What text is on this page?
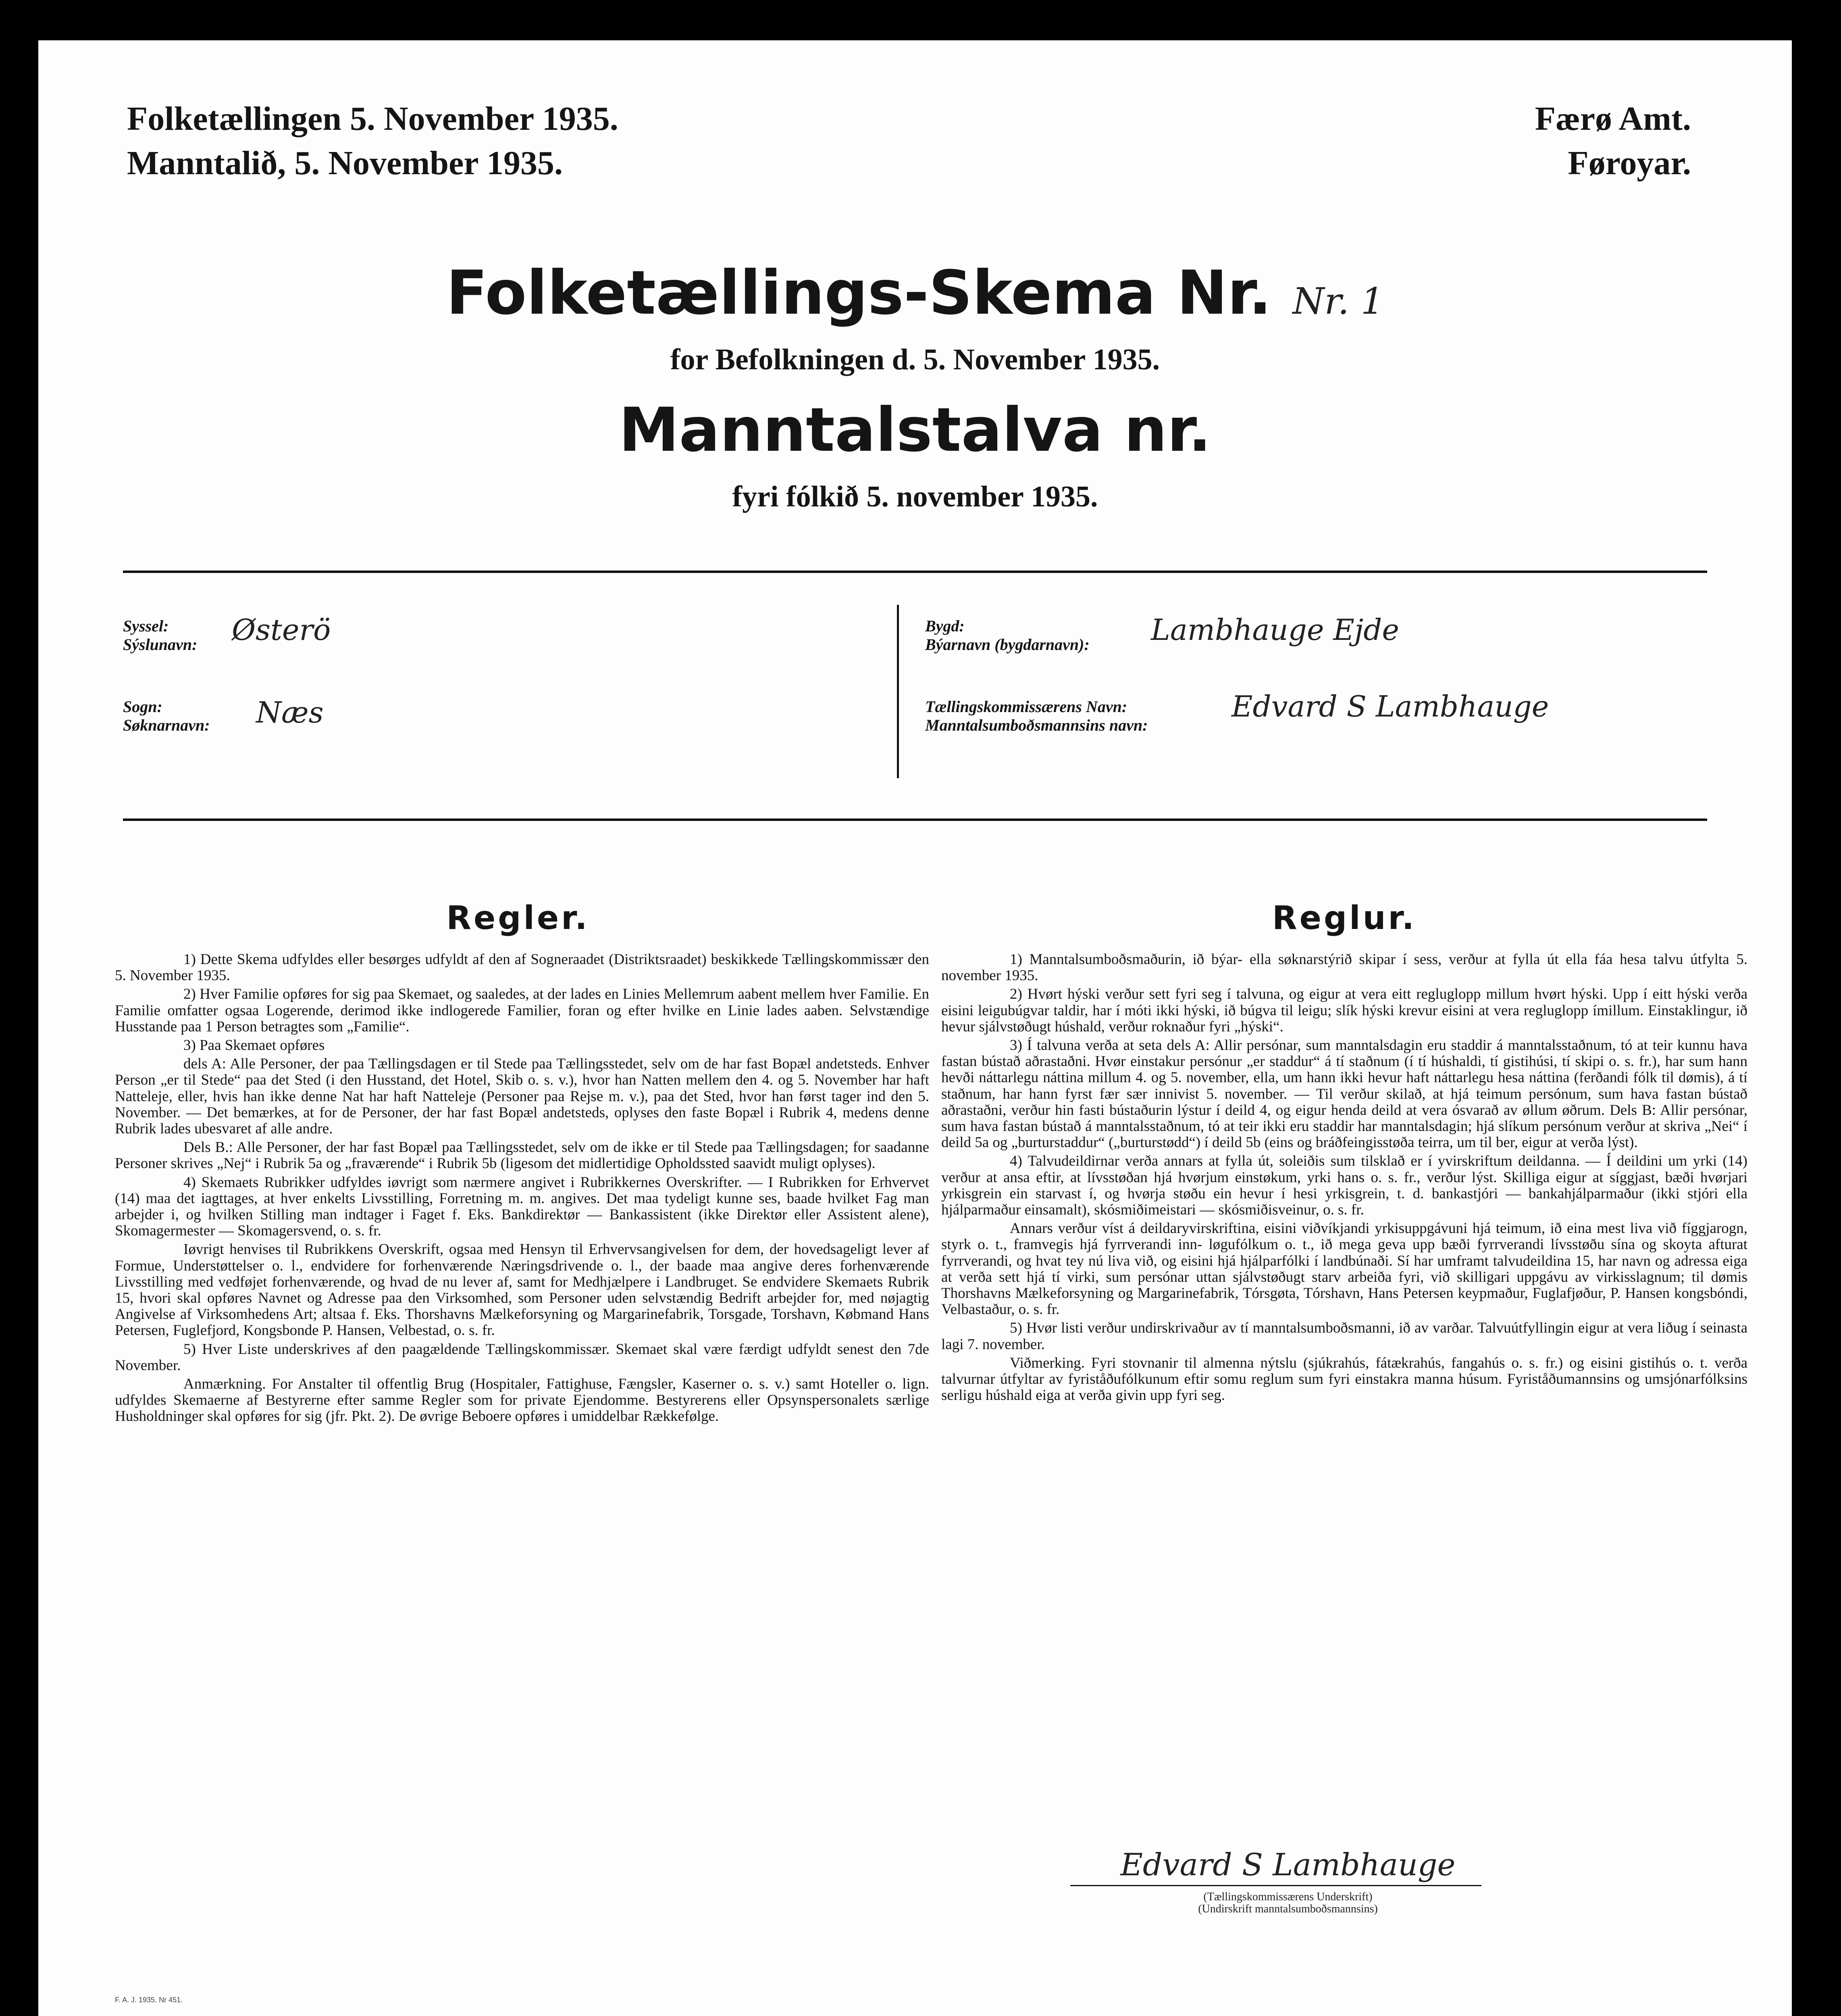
Folketællingen 5. November 1935.
Manntalið, 5. November 1935.
Færø Amt.
Føroyar.
Folketællings-Skema Nr. Nr. 1
for Befolkningen d. 5. November 1935.
Manntalstalva nr.
fyri fólkið 5. november 1935.
Syssel:
Sýslunavn: Østerö
Sogn:
Søknarnavn: Næs
Bygd:
Býarnavn (bygdarnavn): Lambhauge Ejde
Tællingskommissærens Navn:
Manntalsumboðsmannsins navn:
Edvard S Lambhauge
Regler.

1) Dette Skema udfyldes eller besørges udfyldt af den af Sogneraadet (Distriktsraadet) beskikkede Tællingskommissær den 5. November 1935.

2) Hver Familie opføres for sig paa Skemaet, og saaledes, at der lades en Linies Mellemrum aabent mellem hver Familie. En Familie omfatter ogsaa Logerende, derimod ikke indlogerede Familier, foran og efter hvilke en Linie lades aaben. Selvstændige Husstande paa 1 Person betragtes som „Familie“.

3) Paa Skemaet opføres

dels A: Alle Personer, der paa Tællingsdagen er til Stede paa Tællingsstedet, selv om de har fast Bopæl andetsteds. Enhver Person „er til Stede“ paa det Sted (i den Husstand, det Hotel, Skib o. s. v.), hvor han Natten mellem den 4. og 5. November har haft Natteleje, eller, hvis han ikke denne Nat har haft Natteleje (Personer paa Rejse m. v.), paa det Sted, hvor han først tager ind den 5. November. — Det bemærkes, at for de Personer, der har fast Bopæl andetsteds, oplyses den faste Bopæl i Rubrik 4, medens denne Rubrik lades ubesvaret af alle andre.

Dels B.: Alle Personer, der har fast Bopæl paa Tællingsstedet, selv om de ikke er til Stede paa Tællingsdagen; for saadanne Personer skrives „Nej“ i Rubrik 5a og „fraværende“ i Rubrik 5b (ligesom det midlertidige Opholdssted saavidt muligt oplyses).

4) Skemaets Rubrikker udfyldes iøvrigt som nærmere angivet i Rubrikkernes Overskrifter. — I Rubrikken for Erhvervet (14) maa det iagttages, at hver enkelts Livsstilling, Forretning m. m. angives. Det maa tydeligt kunne ses, baade hvilket Fag man arbejder i, og hvilken Stilling man indtager i Faget f. Eks. Bankdirektør — Bankassistent (ikke Direktør eller Assistent alene), Skomagermester — Skomagersvend, o. s. fr.

Iøvrigt henvises til Rubrikkens Overskrift, ogsaa med Hensyn til Erhvervsangivelsen for dem, der hovedsageligt lever af Formue, Understøttelser o. l., endvidere for forhenværende Næringsdrivende o. l., der baade maa angive deres forhenværende Livsstilling med vedføjet forhenværende, og hvad de nu lever af, samt for Medhjælpere i Landbruget. Se endvidere Skemaets Rubrik 15, hvori skal opføres Navnet og Adresse paa den Virksomhed, som Personer uden selvstændig Bedrift arbejder for, med nøjagtig Angivelse af Virksomhedens Art; altsaa f. Eks. Thorshavns Mælkeforsyning og Margarinefabrik, Torsgade, Torshavn, Købmand Hans Petersen, Fuglefjord, Kongsbonde P. Hansen, Velbestad, o. s. fr.

5) Hver Liste underskrives af den paagældende Tællingskommissær. Skemaet skal være færdigt udfyldt senest den 7de November.

Anmærkning. For Anstalter til offentlig Brug (Hospitaler, Fattighuse, Fængsler, Kaserner o. s. v.) samt Hoteller o. lign. udfyldes Skemaerne af Bestyrerne efter samme Regler som for private Ejendomme. Bestyrerens eller Opsynspersonalets særlige Husholdninger skal opføres for sig (jfr. Pkt. 2). De øvrige Beboere opføres i umiddelbar Rækkefølge.

Reglur.

1) Manntalsumboðsmaðurin, ið býar- ella søknarstýrið skipar í sess, verður at fylla út ella fáa hesa talvu útfylta 5. november 1935.

2) Hvørt hýski verður sett fyri seg í talvuna, og eigur at vera eitt regluglopp millum hvørt hýski. Upp í eitt hýski verða eisini leigubúgvar taldir, har í móti ikki hýski, ið búgva til leigu; slík hýski krevur eisini at vera regluglopp ímillum. Einstaklingur, ið hevur sjálvstøðugt húshald, verður roknaður fyri „hýski“.

3) Í talvuna verða at seta dels A: Allir persónar, sum manntalsdagin eru staddir á manntalsstaðnum, tó at teir kunnu hava fastan bústað aðrastaðni. Hvør einstakur persónur „er staddur“ á tí staðnum (í tí húshaldi, tí gistihúsi, tí skipi o. s. fr.), har sum hann hevði náttarlegu náttina millum 4. og 5. november, ella, um hann ikki hevur haft náttarlegu hesa náttina (ferðandi fólk til dømis), á tí staðnum, har hann fyrst fær sær innivist 5. november. — Til verður skilað, at hjá teimum persónum, sum hava fastan bústað aðrastaðni, verður hin fasti bústaðurin lýstur í deild 4, og eigur henda deild at vera ósvarað av øllum øðrum. Dels B: Allir persónar, sum hava fastan bústað á manntalsstaðnum, tó at teir ikki eru staddir har manntalsdagin; hjá slíkum persónum verður at skriva „Nei“ í deild 5a og „burturstaddur“ („burturstødd“) í deild 5b (eins og bráðfeingisstøða teirra, um til ber, eigur at verða lýst).

4) Talvudeildirnar verða annars at fylla út, soleiðis sum tilsklað er í yvirskriftum deildanna. — Í deildini um yrki (14) verður at ansa eftir, at lívsstøðan hjá hvørjum einstøkum, yrki hans o. s. fr., verður lýst. Skilliga eigur at síggjast, bæði hvørjari yrkisgrein ein starvast í, og hvørja støðu ein hevur í hesi yrkisgrein, t. d. bankastjóri — bankahjálparmaður (ikki stjóri ella hjálparmaður einsamalt), skósmiðimeistari — skósmiðisveinur, o. s. fr.

Annars verður víst á deildaryvirskriftina, eisini viðvíkjandi yrkisuppgávuni hjá teimum, ið eina mest liva við fíggjarogn, styrk o. t., framvegis hjá fyrrverandi inn- løgufólkum o. t., ið mega geva upp bæði fyrrverandi lívsstøðu sína og skoyta afturat fyrrverandi, og hvat tey nú liva við, og eisini hjá hjálparfólki í landbúnaði. Sí har umframt talvudeildina 15, har navn og adressa eiga at verða sett hjá tí virki, sum persónar uttan sjálvstøðugt starv arbeiða fyri, við skilligari uppgávu av virkisslagnum; til dømis Thorshavns Mælkeforsyning og Margarinefabrik, Tórsgøta, Tórshavn, Hans Petersen keypmaður, Fuglafjøður, P. Hansen kongsbóndi, Velbastaður, o. s. fr.

5) Hvør listi verður undirskrivaður av tí manntalsumboðsmanni, ið av varðar. Talvuútfyllingin eigur at vera liðug í seinasta lagi 7. november.

Viðmerking. Fyri stovnanir til almenna nýtslu (sjúkrahús, fátækrahús, fangahús o. s. fr.) og eisini gistihús o. t. verða talvurnar útfyltar av fyriståðufólkunum eftir somu reglum sum fyri einstakra manna húsum. Fyriståðumannsins og umsjónarfólksins serligu húshald eiga at verða givin upp fyri seg.

Edvard S Lambhauge
(Tællingskommissærens Underskrift)
(Undirskrift manntalsumboðsmannsins)
F. A. J. 1935. Nr 451.
